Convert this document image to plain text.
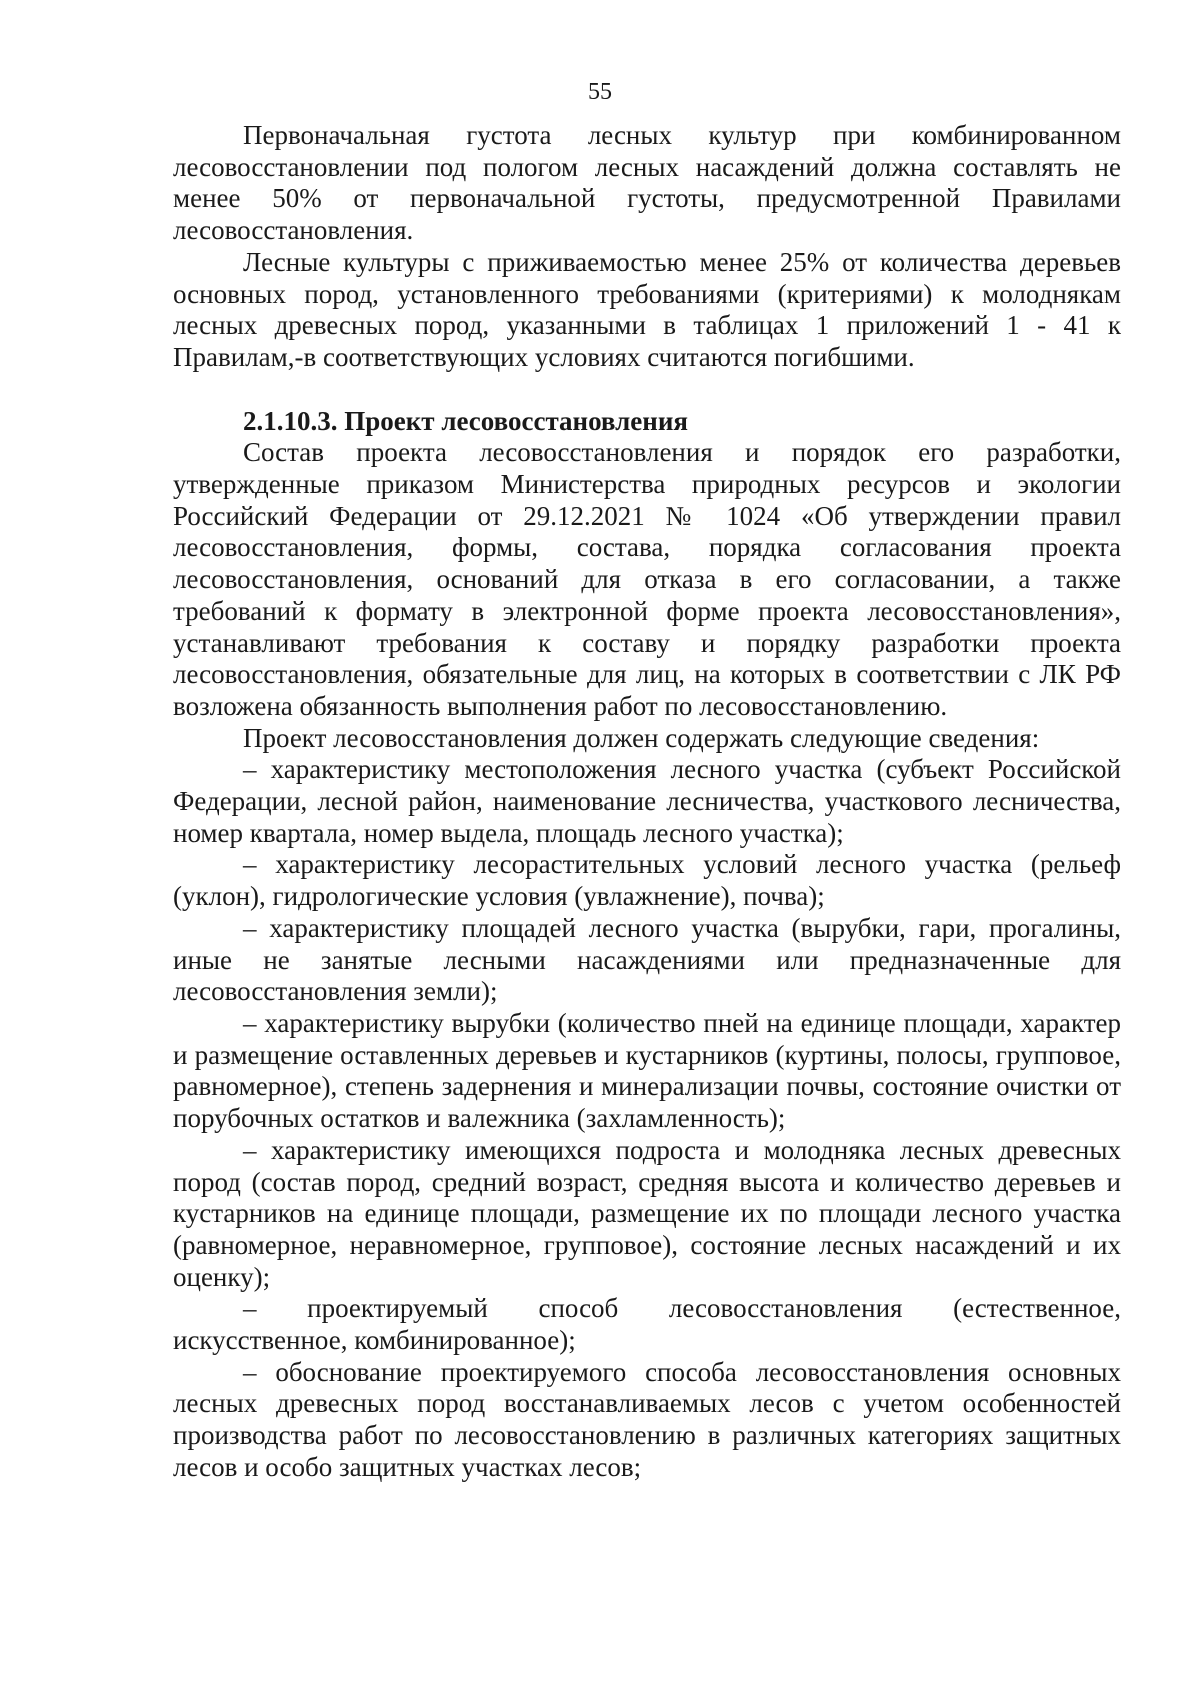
55

Первоначальная густота лесных культур при комбинированном лесовосстановлении под пологом лесных насаждений должна составлять не менее 50% от первоначальной густоты, предусмотренной Правилами лесовосстановления.

Лесные культуры с приживаемостью менее 25% от количества деревьев основных пород, установленного требованиями (критериями) к молоднякам лесных древесных пород, указанными в таблицах 1 приложений 1 - 41 к Правилам,-в соответствующих условиях считаются погибшими.

2.1.10.3. Проект лесовосстановления

Состав проекта лесовосстановления и порядок его разработки, утвержденные приказом Министерства природных ресурсов и экологии Российский Федерации от 29.12.2021 № 1024 «Об утверждении правил лесовосстановления, формы, состава, порядка согласования проекта лесовосстановления, оснований для отказа в его согласовании, а также требований к формату в электронной форме проекта лесовосстановления», устанавливают требования к составу и порядку разработки проекта лесовосстановления, обязательные для лиц, на которых в соответствии с ЛК РФ возложена обязанность выполнения работ по лесовосстановлению.

Проект лесовосстановления должен содержать следующие сведения:

– характеристику местоположения лесного участка (субъект Российской Федерации, лесной район, наименование лесничества, участкового лесничества, номер квартала, номер выдела, площадь лесного участка);

– характеристику лесорастительных условий лесного участка (рельеф (уклон), гидрологические условия (увлажнение), почва);

– характеристику площадей лесного участка (вырубки, гари, прогалины, иные не занятые лесными насаждениями или предназначенные для лесовосстановления земли);

– характеристику вырубки (количество пней на единице площади, характер и размещение оставленных деревьев и кустарников (куртины, полосы, групповое, равномерное), степень задернения и минерализации почвы, состояние очистки от порубочных остатков и валежника (захламленность);

– характеристику имеющихся подроста и молодняка лесных древесных пород (состав пород, средний возраст, средняя высота и количество деревьев и кустарников на единице площади, размещение их по площади лесного участка (равномерное, неравномерное, групповое), состояние лесных насаждений и их оценку);

– проектируемый способ лесовосстановления (естественное, искусственное, комбинированное);

– обоснование проектируемого способа лесовосстановления основных лесных древесных пород восстанавливаемых лесов с учетом особенностей производства работ по лесовосстановлению в различных категориях защитных лесов и особо защитных участках лесов;
